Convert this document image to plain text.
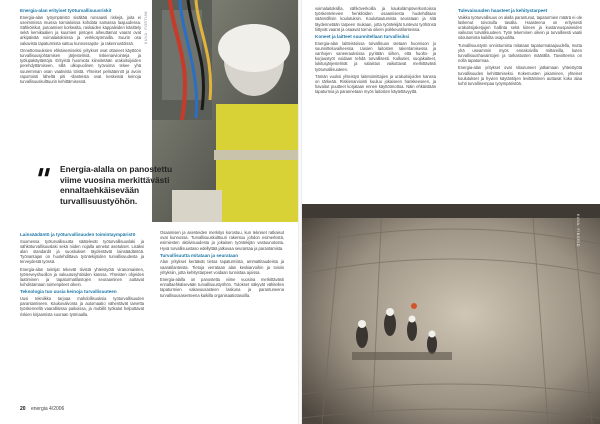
Energia-alan erityiset työturvallisuusriskit

Energia-alan työympäristö sisältää runsaasti riskejä, joita ei useimmissa muissa toimialoissa kohdata samassa laajuudessa. Sähköiskut, putoamiset korkealta, raskaiden kappaleiden käsittely sekä kemikaalien ja kuumien pintojen aiheuttamat vaarat ovat arkipäivää voimalaitoksissa ja verkkotyömailla. Suurin osa vakavista tapaturmista sattuu kunnossapito- ja rakennustöissä.

Onnettomuuksien ehkäisemiseksi yritykset ovat ottaneet käyttöön turvallisuusjohtamisen järjestelmiä, riskienarviointeja ja työlupakäytäntöjä. Erityistä huomiota kiinnitetään urakoitsijoiden perehdyttämiseen, sillä ulkopuolinen työvoima tekee yhä suuremman osan vaativista töistä. Yhteiset pelisäännöt ja avoin raportointi läheltä piti -tilanteista ovat keskeisiä keinoja turvallisuuskulttuurin kehittämisessä.

KUVA: FORTUM
" Energia-alalla on panostettu viime vuosina merkittävästi ennaltaehkäisevään turvallisuustyöhön.

voimalaitoksilla, sähköverkoilla ja kaukolämpöverkostoissa työskentelevien henkilöiden osaamisesta huolehditaan säännöllisin koulutuksin. Kouluttautumista seurataan ja sitä täydennetään tarpeen mukaan, jotta työntekijät tuntevat työhönsä liittyvät vaarat ja osaavat toimia oikein poikkeustilanteissa.

Koneet ja laitteet suunnitellaan turvallisiksi

Energia-alan laitteistoissa turvallisuus otetaan huomioon jo suunnitteluvaiheessa. Uusien laitosten rakentamisessa ja vanhojen saneerauksissa pyritään siihen, että huolto- ja korjaustyöt voidaan tehdä turvallisesti. Kulkutiet, suojakaiteet, lukitusjärjestelmät ja valaistus vaikuttavat merkittävästi työturvallisuuteen.

Tämän vuoksi yhteistyö laitetoimittajien ja urakoitsijoiden kanssa on tärkeää. Riskienarviointi kuuluu jokaiseen hankkeeseen, ja havaitut puutteet korjataan ennen käyttöönottoa. Näin ehkäistään tapaturmia ja parannetaan myös laitosten käytettävyyttä.

Tulevaisuuden haasteet ja kehitystarpeet

Vaikka työturvallisuus on alalla parantunut, tapaturmien määrä ei ole laskenut toivotulla tavalla. Haasteena on erityisesti urakoitsijaketjujen hallinta sekä kiireen ja kustannuspaineiden vaikutus turvallisuuteen. Työn tekeminen oikein ja turvallisesti vaatii sitoutumista kaikilta osapuolilta.

Turvallisuustyön onnistumista mitataan tapaturmataajuudella, mutta yhä useammin myös ennakoivilla mittareilla, kuten turvallisuushavaintojen ja tarkastusten määrällä. Tavoitteena on nolla tapaturmaa.

Energia-alan yritykset ovat sitoutuneet jatkamaan yhteistyötä turvallisuuden kehittämiseksi. Kokemusten jakaminen, yhteiset koulutukset ja hyvien käytäntöjen levittäminen auttavat koko alaa kohti turvallisempaa työympäristöä.

Lainsäädäntö ja työturvallisuuden toimintaympäristö

Suomessa työturvallisuutta säätelevät työturvallisuuslaki ja sähköturvallisuuslaki sekä niiden nojalla annetut asetukset. Lisäksi alan standardit ja suositukset täydentävät lainsäädäntöä. Työnantajan on huolehdittava työntekijöiden turvallisuudesta ja terveydestä työssä.

Energia-alan toimijat tekevät tiivistä yhteistyötä viranomaisten, työterveyshuollon ja vakuutusyhtiöiden kanssa. Yhteisten ohjeiden laatiminen ja tapaturmatilastojen seuraaminen auttavat kohdistamaan toimenpiteet oikein.

Teknologia tuo uusia keinoja turvallisuuteen

Uusi tekniikka tarjoaa mahdollisuuksia työturvallisuuden parantamiseen. Kaukovalvonta ja automaatio vähentävät tarvetta työskennellä vaarallisissa paikoissa, ja mobiilit työkalut helpottavat riskien kirjaamista suoraan työmaalla.

Osaamisen ja asenteiden merkitys korostuu, kun tekniset ratkaisut ovat kunnossa. Turvallisuuskulttuuri rakentuu johdon esimerkistä, esimiesten aktiivisuudesta ja jokaisen työntekijän vastuunotosta. Hyvä turvallisuustaso edellyttää jatkuvaa seurantaa ja parantamista.

Turvallisuutta mitataan ja seurataan

Alan yritykset keräävät tietoa tapaturmista, ammattitaudeista ja vaaratilanteista. Tietoja verrataan alan keskiarvoihin ja toisiin yrityksiin, jotta kehitystarpeet voidaan tunnistaa ajoissa.

Energia-alalla on panostettu viime vuosina merkittävästi ennaltaehkäisevään turvallisuustyöhön. Tulokset näkyvät vähitellen tapaturmien vakavuusasteen laskuna ja parantuneena turvallisuusasenteena kaikilla organisaatiotasoilla.

KUVA: FINGRID
20 energia 4/2006
